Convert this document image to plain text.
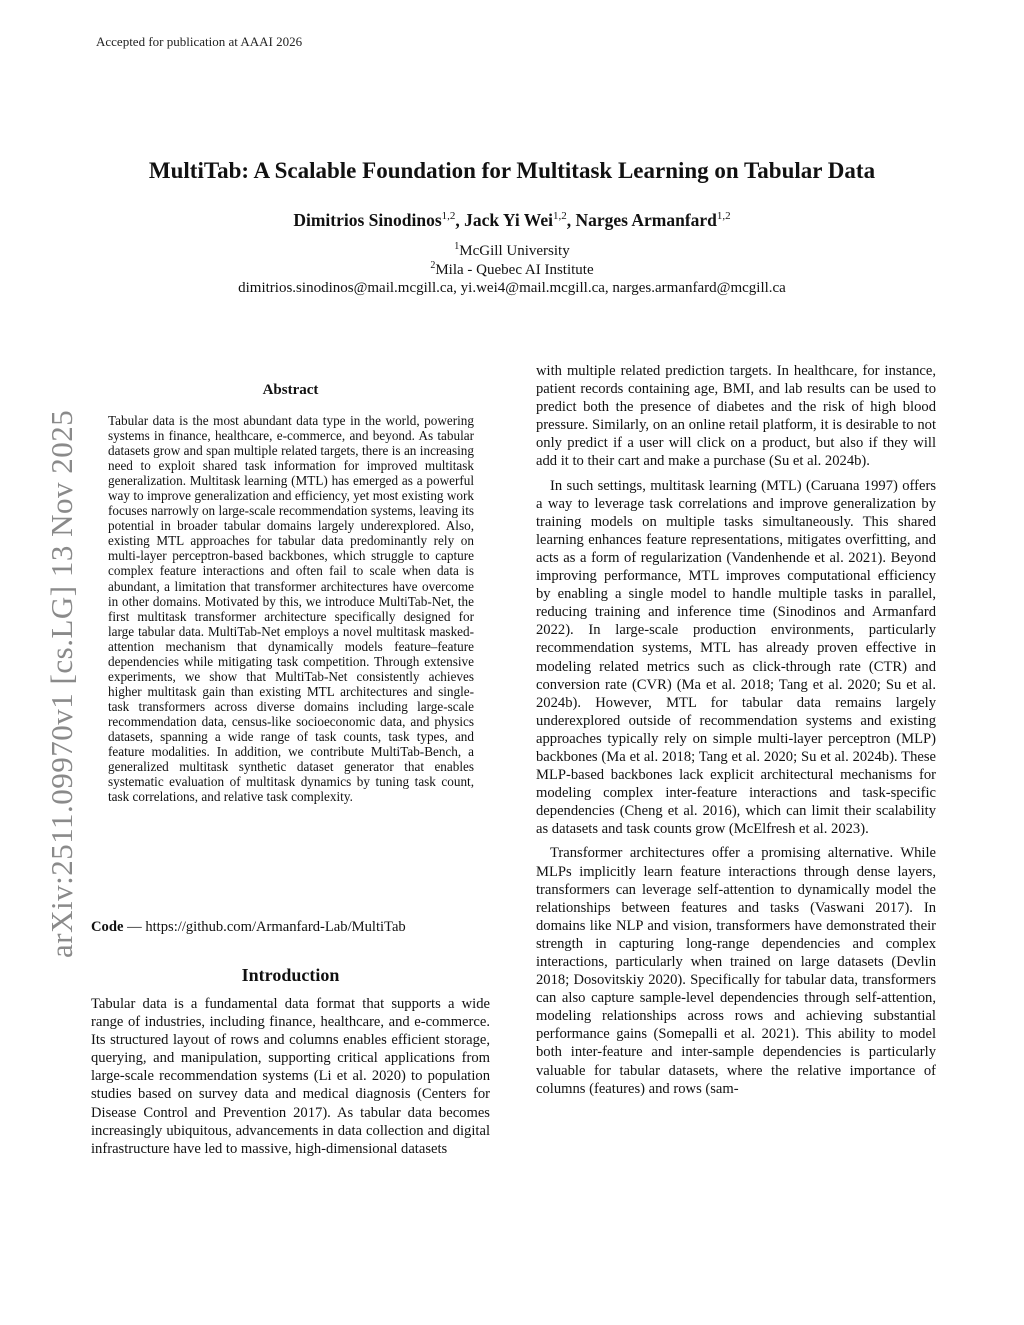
Accepted for publication at AAAI 2026
arXiv:2511.09970v1 [cs.LG] 13 Nov 2025
MultiTab: A Scalable Foundation for Multitask Learning on Tabular Data
Dimitrios Sinodinos$^{1,2}$, Jack Yi Wei$^{1,2}$, Narges Armanfard$^{1,2}$
$^1$McGill University
$^2$Mila - Quebec AI Institute
dimitrios.sinodinos@mail.mcgill.ca, yi.wei4@mail.mcgill.ca, narges.armanfard@mcgill.ca
Abstract
Tabular data is the most abundant data type in the world, powering systems in finance, healthcare, e-commerce, and beyond. As tabular datasets grow and span multiple related targets, there is an increasing need to exploit shared task information for improved multitask generalization. Multitask learning (MTL) has emerged as a powerful way to improve generalization and efficiency, yet most existing work focuses narrowly on large-scale recommendation systems, leaving its potential in broader tabular domains largely underexplored. Also, existing MTL approaches for tabular data predominantly rely on multi-layer perceptron-based backbones, which struggle to capture complex feature interactions and often fail to scale when data is abundant, a limitation that transformer architectures have overcome in other domains. Motivated by this, we introduce MultiTab-Net, the first multitask transformer architecture specifically designed for large tabular data. MultiTab-Net employs a novel multitask masked-attention mechanism that dynamically models feature–feature dependencies while mitigating task competition. Through extensive experiments, we show that MultiTab-Net consistently achieves higher multitask gain than existing MTL architectures and single-task transformers across diverse domains including large-scale recommendation data, census-like socioeconomic data, and physics datasets, spanning a wide range of task counts, task types, and feature modalities. In addition, we contribute MultiTab-Bench, a generalized multitask synthetic dataset generator that enables systematic evaluation of multitask dynamics by tuning task count, task correlations, and relative task complexity.
Code — https://github.com/Armanfard-Lab/MultiTab
Introduction
Tabular data is a fundamental data format that supports a wide range of industries, including finance, healthcare, and e-commerce. Its structured layout of rows and columns enables efficient storage, querying, and manipulation, supporting critical applications from large-scale recommendation systems (Li et al. 2020) to population studies based on survey data and medical diagnosis (Centers for Disease Control and Prevention 2017). As tabular data becomes increasingly ubiquitous, advancements in data collection and digital infrastructure have led to massive, high-dimensional datasets

with multiple related prediction targets. In healthcare, for instance, patient records containing age, BMI, and lab results can be used to predict both the presence of diabetes and the risk of high blood pressure. Similarly, on an online retail platform, it is desirable to not only predict if a user will click on a product, but also if they will add it to their cart and make a purchase (Su et al. 2024b).

In such settings, multitask learning (MTL) (Caruana 1997) offers a way to leverage task correlations and improve generalization by training models on multiple tasks simultaneously. This shared learning enhances feature representations, mitigates overfitting, and acts as a form of regularization (Vandenhende et al. 2021). Beyond improving performance, MTL improves computational efficiency by enabling a single model to handle multiple tasks in parallel, reducing training and inference time (Sinodinos and Armanfard 2022). In large-scale production environments, particularly recommendation systems, MTL has already proven effective in modeling related metrics such as click-through rate (CTR) and conversion rate (CVR) (Ma et al. 2018; Tang et al. 2020; Su et al. 2024b). However, MTL for tabular data remains largely underexplored outside of recommendation systems and existing approaches typically rely on simple multi-layer perceptron (MLP) backbones (Ma et al. 2018; Tang et al. 2020; Su et al. 2024b). These MLP-based backbones lack explicit architectural mechanisms for modeling complex inter-feature interactions and task-specific dependencies (Cheng et al. 2016), which can limit their scalability as datasets and task counts grow (McElfresh et al. 2023).

Transformer architectures offer a promising alternative. While MLPs implicitly learn feature interactions through dense layers, transformers can leverage self-attention to dynamically model the relationships between features and tasks (Vaswani 2017). In domains like NLP and vision, transformers have demonstrated their strength in capturing long-range dependencies and complex interactions, particularly when trained on large datasets (Devlin 2018; Dosovitskiy 2020). Specifically for tabular data, transformers can also capture sample-level dependencies through self-attention, modeling relationships across rows and achieving substantial performance gains (Somepalli et al. 2021). This ability to model both inter-feature and inter-sample dependencies is particularly valuable for tabular datasets, where the relative importance of columns (features) and rows (sam-
